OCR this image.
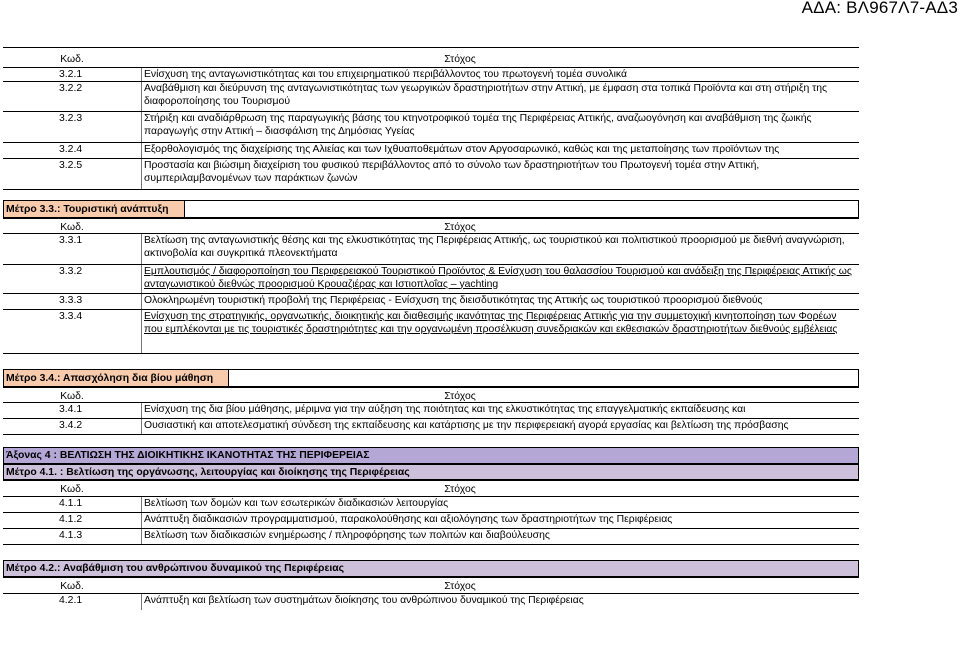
ΑΔΑ: ΒΛ967Λ7-ΑΔ3
Κωδ.	Στόχος
3.2.1	Ενίσχυση της ανταγωνιστικότητας και του επιχειρηματικού περιβάλλοντος του πρωτογενή τομέα συνολικά
3.2.2	Αναβάθμιση και διεύρυνση της ανταγωνιστικότητας των γεωργικών δραστηριοτήτων στην Αττική, με έμφαση στα τοπικά Προϊόντα και στη στήριξη της διαφοροποίησης του Τουρισμού
3.2.3	Στήριξη και αναδιάρθρωση της παραγωγικής βάσης του κτηνοτροφικού τομέα της Περιφέρειας Αττικής, αναζωογόνηση και αναβάθμιση της ζωικής παραγωγής στην Αττική – διασφάλιση της Δημόσιας Υγείας
3.2.4	Εξορθολογισμός της διαχείρισης της Αλιείας και των Ιχθυαποθεμάτων στον Αργοσαρωνικό, καθώς και της μεταποίησης των προϊόντων της
3.2.5	Προστασία και βιώσιμη διαχείριση του φυσικού περιβάλλοντος από το σύνολο των δραστηριοτήτων του Πρωτογενή τομέα στην Αττική, συμπεριλαμβανομένων των παράκτιων ζωνών
Μέτρο 3.3.: Τουριστική ανάπτυξη
Κωδ.	Στόχος
3.3.1	Βελτίωση της ανταγωνιστικής θέσης και της ελκυστικότητας της Περιφέρειας Αττικής, ως τουριστικού και πολιτιστικού προορισμού με διεθνή αναγνώριση, ακτινοβολία και συγκριτικά πλεονεκτήματα
3.3.2	Εμπλουτισμός / διαφοροποίηση του Περιφερειακού Τουριστικού Προϊόντος & Ενίσχυση του θαλασσίου Τουρισμού και ανάδειξη της Περιφέρειας Αττικής ως ανταγωνιστικού διεθνώς προορισμού Κρουαζιέρας και Ιστιοπλοΐας – yachting
3.3.3	Ολοκληρωμένη τουριστική προβολή της Περιφέρειας - Ενίσχυση της διεισδυτικότητας της Αττικής ως τουριστικού προορισμού διεθνούς
3.3.4	Ενίσχυση της στρατηγικής, οργανωτικής, διοικητικής και διαθεσιμής ικανότητας της Περιφέρειας Αττικής για την συμμετοχική κινητοποίηση των Φορέων που εμπλέκονται με τις τουριστικές δραστηριότητες και την οργανωμένη προσέλκυση συνεδριακών και εκθεσιακών δραστηριοτήτων διεθνούς εμβέλειας
Μέτρο 3.4.: Απασχόληση δια βίου μάθηση
Κωδ.	Στόχος
3.4.1	Ενίσχυση της δια βίου μάθησης, μέριμνα για την αύξηση της ποιότητας και της ελκυστικότητας της επαγγελματικής εκπαίδευσης και
3.4.2	Ουσιαστική και αποτελεσματική σύνδεση της εκπαίδευσης και κατάρτισης με την περιφερειακή αγορά εργασίας και βελτίωση της πρόσβασης
Άξονας 4 : ΒΕΛΤΙΩΣΗ ΤΗΣ ΔΙΟΙΚΗΤΙΚΗΣ ΙΚΑΝΟΤΗΤΑΣ ΤΗΣ ΠΕΡΙΦΕΡΕΙΑΣ
Μέτρο 4.1. : Βελτίωση της οργάνωσης, λειτουργίας και διοίκησης της Περιφέρειας
Κωδ.	Στόχος
4.1.1	Βελτίωση των δομών και των εσωτερικών διαδικασιών λειτουργίας
4.1.2	Ανάπτυξη διαδικασιών προγραμματισμού, παρακολούθησης και αξιολόγησης των δραστηριοτήτων της Περιφέρειας
4.1.3	Βελτίωση των διαδικασιών ενημέρωσης / πληροφόρησης των πολιτών και διαβούλευσης
Μέτρο 4.2.: Αναβάθμιση του ανθρώπινου δυναμικού της Περιφέρειας
Κωδ.	Στόχος
4.2.1	Ανάπτυξη και βελτίωση των συστημάτων διοίκησης του ανθρώπινου δυναμικού της Περιφέρειας
